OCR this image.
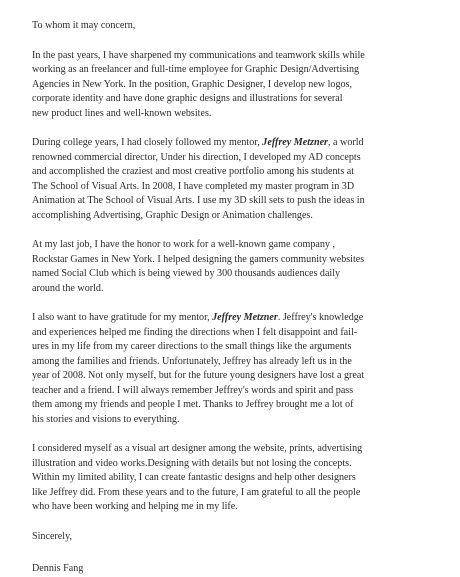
To whom it may concern,

In the past years, I have sharpened my communications and teamwork skills while
working as an freelancer and full-time employee for Graphic Design/Advertising
Agencies in New York. In the position, Graphic Designer, I develop new logos,
corporate identity and have done graphic designs and illustrations for several
new product lines and well-known websites.

During college years, I had closely followed my mentor, Jeffrey Metzner, a world
renowned commercial director, Under his direction, I developed my AD concepts
and accomplished the craziest and most creative portfolio among his students at
The School of Visual Arts. In 2008, I have completed my master program in 3D
Animation at The School of Visual Arts. I use my 3D skill sets to push the ideas in
accomplishing Advertising, Graphic Design or Animation challenges.

At my last job, I have the honor to work for a well-known game company ,
Rockstar Games in New York. I helped designing the gamers community websites
named Social Club which is being viewed by 300 thousands audiences daily
around the world.

I also want to have gratitude for my mentor, Jeffrey Metzner. Jeffrey's knowledge
and experiences helped me finding the directions when I felt disappoint and fail-
ures in my life from my career directions to the small things like the arguments
among the families and friends. Unfortunately, Jeffrey has already left us in the
year of 2008. Not only myself, but for the future young designers have lost a great
teacher and a friend. I will always remember Jeffrey's words and spirit and pass
them among my friends and people I met. Thanks to Jeffrey brought me a lot of
his stories and visions to everything.

I considered myself as a visual art designer among the website, prints, advertising
illustration and video works.Designing with details but not losing the concepts.
Within my limited ability, I can create fantastic designs and help other designers
like Jeffrey did. From these years and to the future, I am grateful to all the people
who have been working and helping me in my life.

Sincerely,

Dennis Fang
